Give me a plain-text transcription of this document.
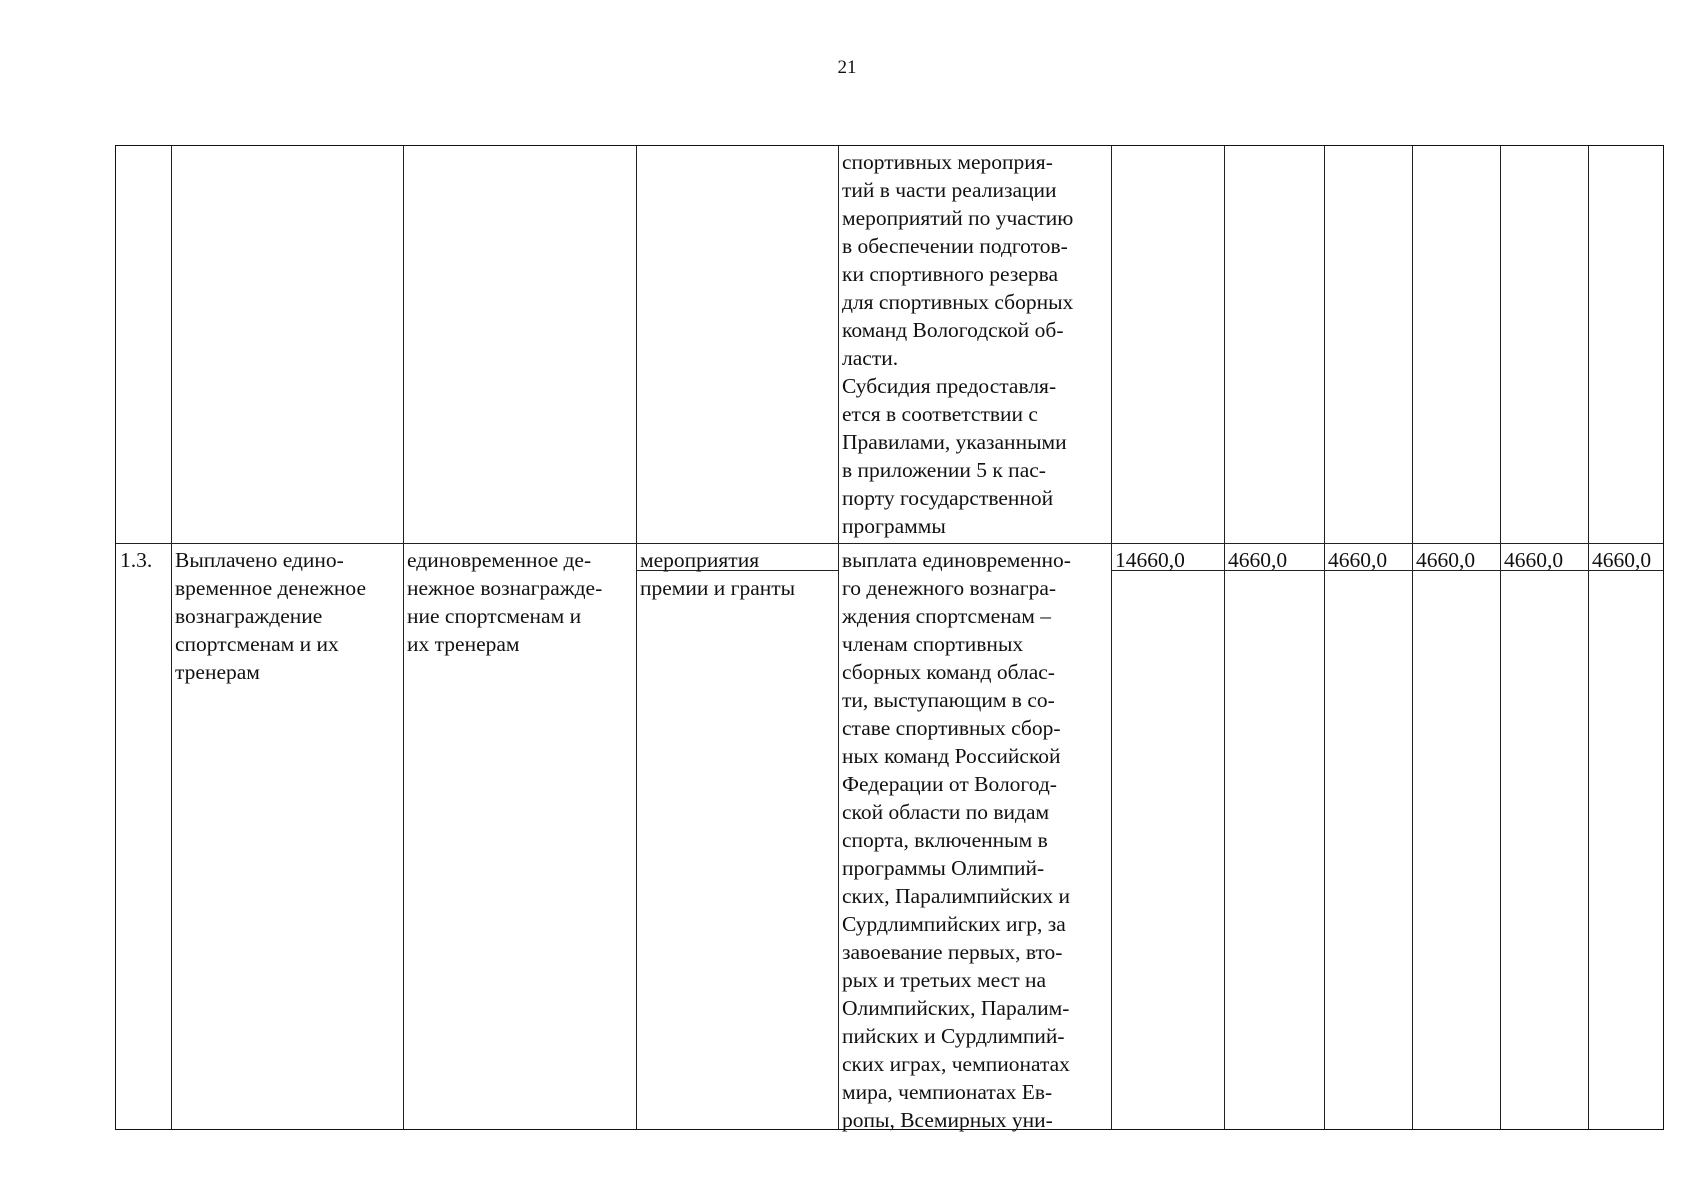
21
спортивных мероприя-
тий в части реализации
мероприятий по участию
в обеспечении подготов-
ки спортивного резерва
для спортивных сборных
команд Вологодской об-
ласти.
Субсидия предоставля-
ется в соответствии с
Правилами, указанными
в приложении 5 к пас-
порту государственной
программы
1.3. Выплачено едино-
временное денежное
вознаграждение
спортсменам и их
тренерам
единовременное де-
нежное вознагражде-
ние спортсменам и
их тренерам
мероприятия
премии и гранты
выплата единовременно-
го денежного вознагра-
ждения спортсменам –
членам спортивных
сборных команд облас-
ти, выступающим в со-
ставе спортивных сбор-
ных команд Российской
Федерации от Вологод-
ской области по видам
спорта, включенным в
программы Олимпий-
ских, Паралимпийских и
Сурдлимпийских игр, за
завоевание первых, вто-
рых и третьих мест на
Олимпийских, Паралим-
пийских и Сурдлимпий-
ских играх, чемпионатах
мира, чемпионатах Ев-
ропы, Всемирных уни-
14660,0 4660,0 4660,0 4660,0 4660,0 4660,0
